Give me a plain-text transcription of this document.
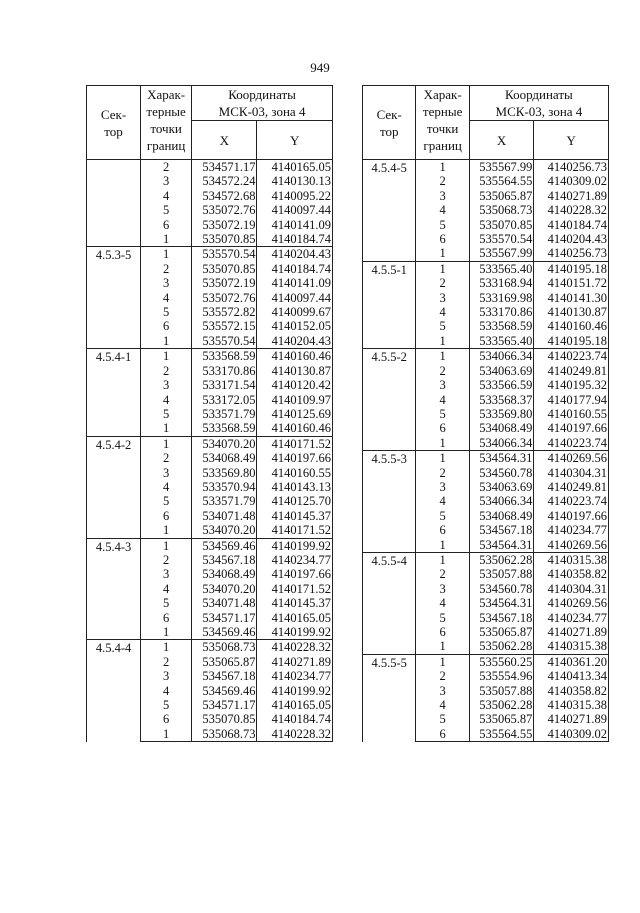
949
Сек-
тор	Харак-
терные
точки
границ	Координаты
МСК-03, зона 4	

		X	Y
	2	534571.17	4140165.05
	3	534572.24	4140130.13
	4	534572.68	4140095.22
	5	535072.76	4140097.44
	6	535072.19	4140141.09
	1	535070.85	4140184.74
4.5.3-5	1	535570.54	4140204.43
	2	535070.85	4140184.74
	3	535072.19	4140141.09
	4	535072.76	4140097.44
	5	535572.82	4140099.67
	6	535572.15	4140152.05
	1	535570.54	4140204.43
4.5.4-1	1	533568.59	4140160.46
	2	533170.86	4140130.87
	3	533171.54	4140120.42
	4	533172.05	4140109.97
	5	533571.79	4140125.69
	1	533568.59	4140160.46
4.5.4-2	1	534070.20	4140171.52
	2	534068.49	4140197.66
	3	533569.80	4140160.55
	4	533570.94	4140143.13
	5	533571.79	4140125.70
	6	534071.48	4140145.37
	1	534070.20	4140171.52
4.5.4-3	1	534569.46	4140199.92
	2	534567.18	4140234.77
	3	534068.49	4140197.66
	4	534070.20	4140171.52
	5	534071.48	4140145.37
	6	534571.17	4140165.05
	1	534569.46	4140199.92
4.5.4-4	1	535068.73	4140228.32
	2	535065.87	4140271.89
	3	534567.18	4140234.77
	4	534569.46	4140199.92
	5	534571.17	4140165.05
	6	535070.85	4140184.74
	1	535068.73	4140228.32
Сек-
тор	Харак-
терные
точки
границ	Координаты
МСК-03, зона 4	

		X	Y
4.5.4-5	1	535567.99	4140256.73
	2	535564.55	4140309.02
	3	535065.87	4140271.89
	4	535068.73	4140228.32
	5	535070.85	4140184.74
	6	535570.54	4140204.43
	1	535567.99	4140256.73
4.5.5-1	1	533565.40	4140195.18
	2	533168.94	4140151.72
	3	533169.98	4140141.30
	4	533170.86	4140130.87
	5	533568.59	4140160.46
	1	533565.40	4140195.18
4.5.5-2	1	534066.34	4140223.74
	2	534063.69	4140249.81
	3	533566.59	4140195.32
	4	533568.37	4140177.94
	5	533569.80	4140160.55
	6	534068.49	4140197.66
	1	534066.34	4140223.74
4.5.5-3	1	534564.31	4140269.56
	2	534560.78	4140304.31
	3	534063.69	4140249.81
	4	534066.34	4140223.74
	5	534068.49	4140197.66
	6	534567.18	4140234.77
	1	534564.31	4140269.56
4.5.5-4	1	535062.28	4140315.38
	2	535057.88	4140358.82
	3	534560.78	4140304.31
	4	534564.31	4140269.56
	5	534567.18	4140234.77
	6	535065.87	4140271.89
	1	535062.28	4140315.38
4.5.5-5	1	535560.25	4140361.20
	2	535554.96	4140413.34
	3	535057.88	4140358.82
	4	535062.28	4140315.38
	5	535065.87	4140271.89
	6	535564.55	4140309.02
